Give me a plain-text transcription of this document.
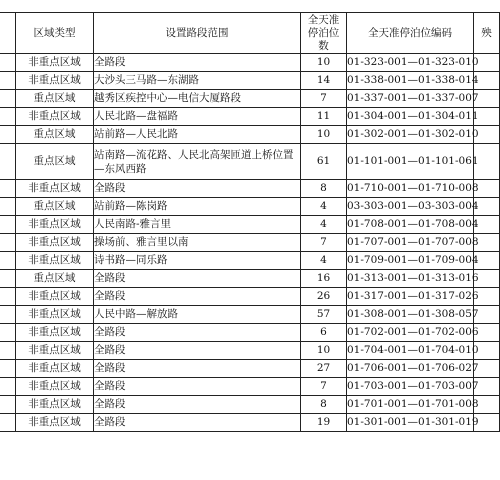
	区域类型	设置路段范围	全天准停泊位数	全天准停泊位编码	殃
	非重点区域	全路段	10	01-323-001—01-323-010	
	非重点区域	大沙头三马路—东湖路	14	01-338-001—01-338-014	
	重点区域	越秀区疾控中心—电信大厦路段	7	01-337-001—01-337-007	
	非重点区域	人民北路—盘福路	11	01-304-001—01-304-011	
	重点区域	站前路—人民北路	10	01-302-001—01-302-010	
	重点区域	站南路—流花路、人民北高架匝道上桥位置—东风西路	61	01-101-001—01-101-061	
	非重点区域	全路段	8	01-710-001—01-710-008	
	重点区域	站前路—陈岗路	4	03-303-001—03-303-004	
	非重点区域	人民南路-雅言里	4	01-708-001—01-708-004	
	非重点区域	操场前、雅言里以南	7	01-707-001—01-707-008	
	非重点区域	诗书路—同乐路	4	01-709-001—01-709-004	
	重点区域	全路段	16	01-313-001—01-313-016	
	非重点区域	全路段	26	01-317-001—01-317-026	
	非重点区域	人民中路—解放路	57	01-308-001—01-308-057	
	非重点区域	全路段	6	01-702-001—01-702-006	
	非重点区域	全路段	10	01-704-001—01-704-010	
	非重点区域	全路段	27	01-706-001—01-706-027	
	非重点区域	全路段	7	01-703-001—01-703-007	
	非重点区域	全路段	8	01-701-001—01-701-008	
	非重点区域	全路段	19	01-301-001—01-301-019	
